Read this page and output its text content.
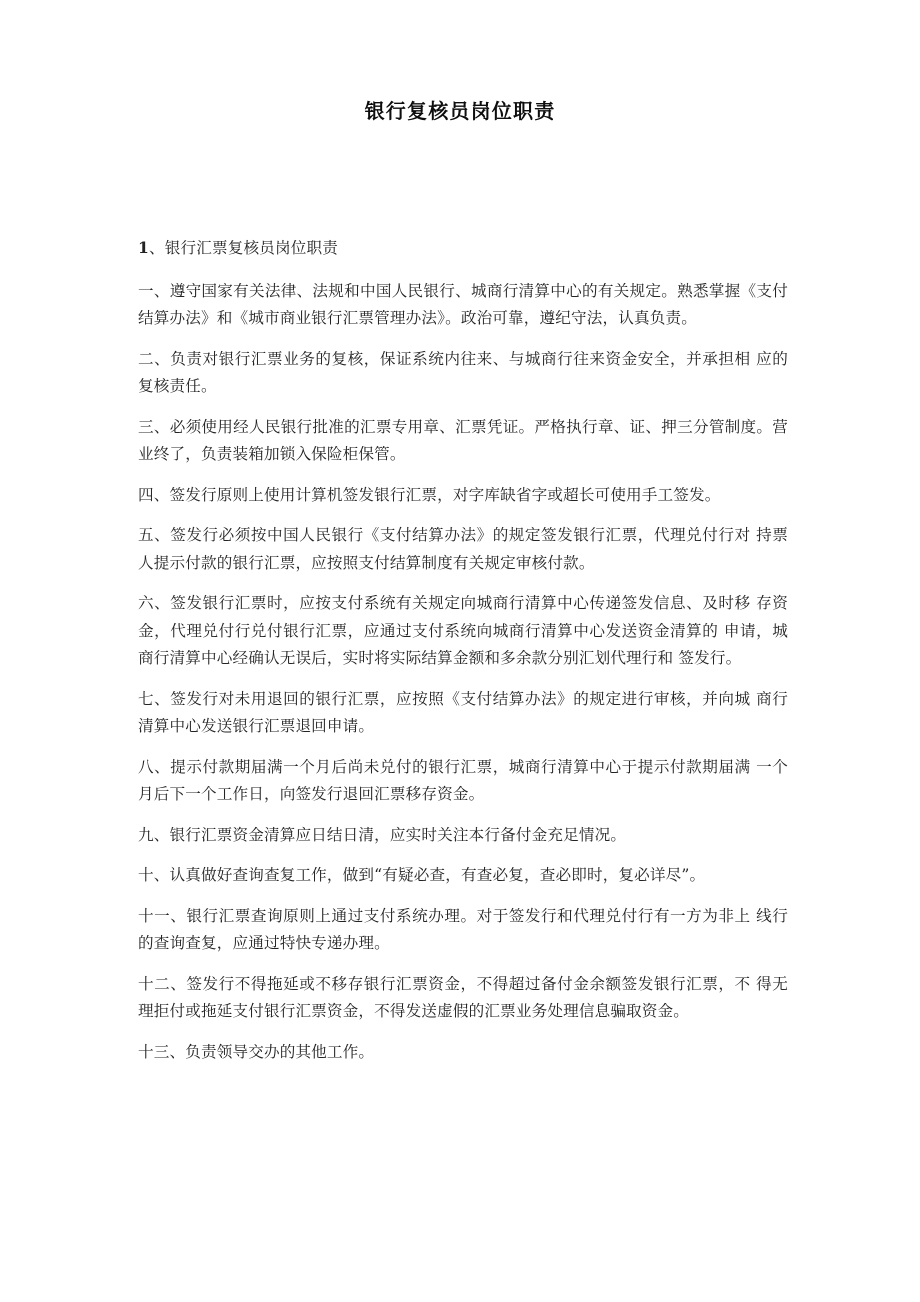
银行复核员岗位职责

1、银行汇票复核员岗位职责

一、遵守国家有关法律、法规和中国人民银行、城商行清算中心的有关规定。熟悉掌握《支付结算办法》和《城市商业银行汇票管理办法》。政治可靠，遵纪守法，认真负责。

二、负责对银行汇票业务的复核，保证系统内往来、与城商行往来资金安全，并承担相 应的复核责任。

三、必须使用经人民银行批准的汇票专用章、汇票凭证。严格执行章、证、押三分管制度。营业终了，负责装箱加锁入保险柜保管。

四、签发行原则上使用计算机签发银行汇票，对字库缺省字或超长可使用手工签发。

五、签发行必须按中国人民银行《支付结算办法》的规定签发银行汇票，代理兑付行对 持票人提示付款的银行汇票，应按照支付结算制度有关规定审核付款。

六、签发银行汇票时，应按支付系统有关规定向城商行清算中心传递签发信息、及时移 存资金，代理兑付行兑付银行汇票，应通过支付系统向城商行清算中心发送资金清算的 申请，城商行清算中心经确认无误后，实时将实际结算金额和多余款分别汇划代理行和 签发行。

七、签发行对未用退回的银行汇票，应按照《支付结算办法》的规定进行审核，并向城 商行清算中心发送银行汇票退回申请。

八、提示付款期届满一个月后尚未兑付的银行汇票，城商行清算中心于提示付款期届满 一个月后下一个工作日，向签发行退回汇票移存资金。

九、银行汇票资金清算应日结日清，应实时关注本行备付金充足情况。

十、认真做好查询查复工作，做到“有疑必查，有查必复，查必即时，复必详尽”。

十一、银行汇票查询原则上通过支付系统办理。对于签发行和代理兑付行有一方为非上 线行的查询查复，应通过特快专递办理。

十二、签发行不得拖延或不移存银行汇票资金，不得超过备付金余额签发银行汇票，不 得无理拒付或拖延支付银行汇票资金，不得发送虚假的汇票业务处理信息骗取资金。

十三、负责领导交办的其他工作。
